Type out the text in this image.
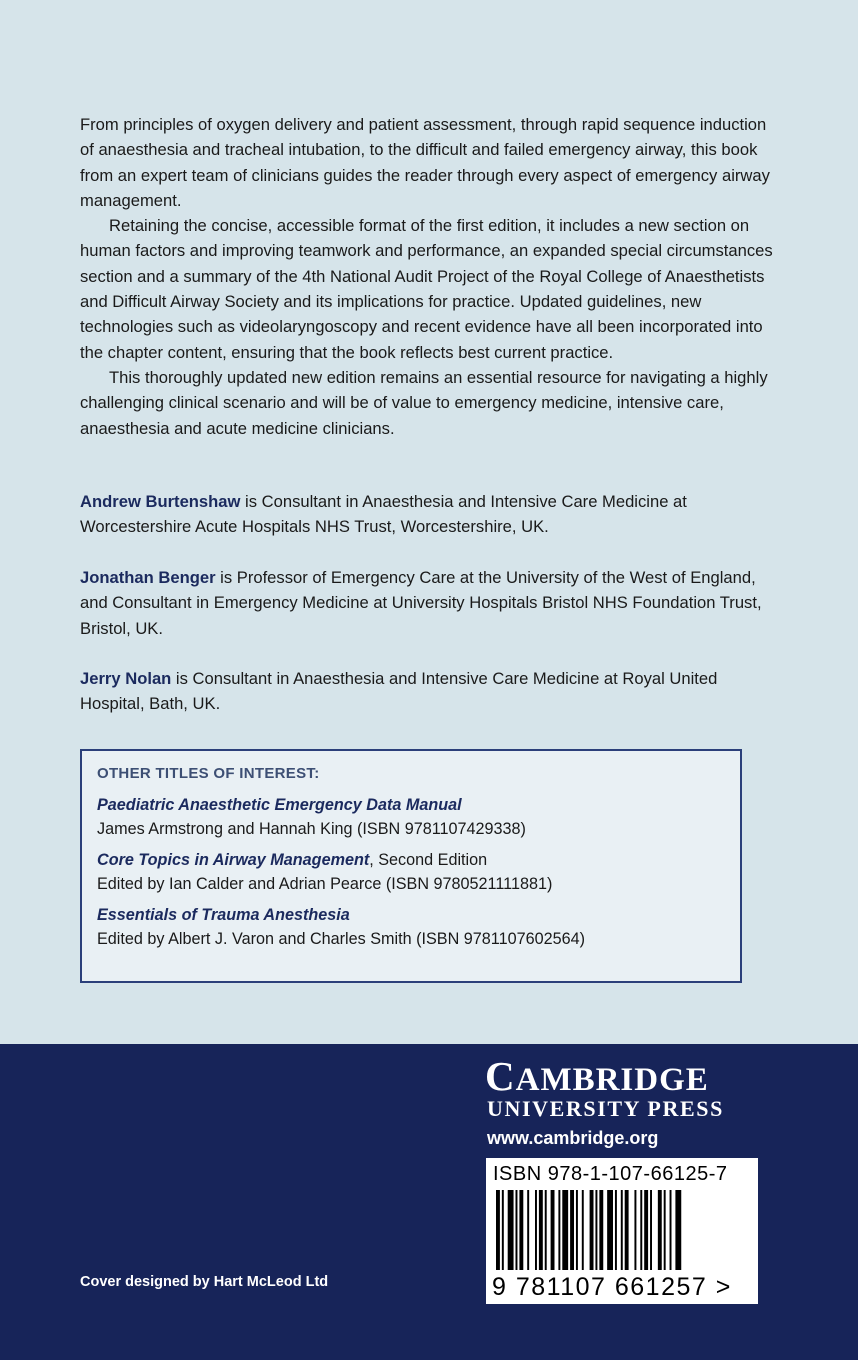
From principles of oxygen delivery and patient assessment, through rapid sequence induction of anaesthesia and tracheal intubation, to the difficult and failed emergency airway, this book from an expert team of clinicians guides the reader through every aspect of emergency airway management.

Retaining the concise, accessible format of the first edition, it includes a new section on human factors and improving teamwork and performance, an expanded special circumstances section and a summary of the 4th National Audit Project of the Royal College of Anaesthetists and Difficult Airway Society and its implications for practice. Updated guidelines, new technologies such as videolaryngoscopy and recent evidence have all been incorporated into the chapter content, ensuring that the book reflects best current practice.

This thoroughly updated new edition remains an essential resource for navigating a highly challenging clinical scenario and will be of value to emergency medicine, intensive care, anaesthesia and acute medicine clinicians.

Andrew Burtenshaw is Consultant in Anaesthesia and Intensive Care Medicine at Worcestershire Acute Hospitals NHS Trust, Worcestershire, UK.

Jonathan Benger is Professor of Emergency Care at the University of the West of England, and Consultant in Emergency Medicine at University Hospitals Bristol NHS Foundation Trust, Bristol, UK.

Jerry Nolan is Consultant in Anaesthesia and Intensive Care Medicine at Royal United Hospital, Bath, UK.

OTHER TITLES OF INTEREST:
Paediatric Anaesthetic Emergency Data Manual
James Armstrong and Hannah King (ISBN 9781107429338)
Core Topics in Airway Management, Second Edition
Edited by Ian Calder and Adrian Pearce (ISBN 9780521111881)
Essentials of Trauma Anesthesia
Edited by Albert J. Varon and Charles Smith (ISBN 9781107602564)
CAMBRIDGE
UNIVERSITY PRESS
www.cambridge.org
ISBN 978-1-107-66125-7
9 781107 661257 >
Cover designed by Hart McLeod Ltd
